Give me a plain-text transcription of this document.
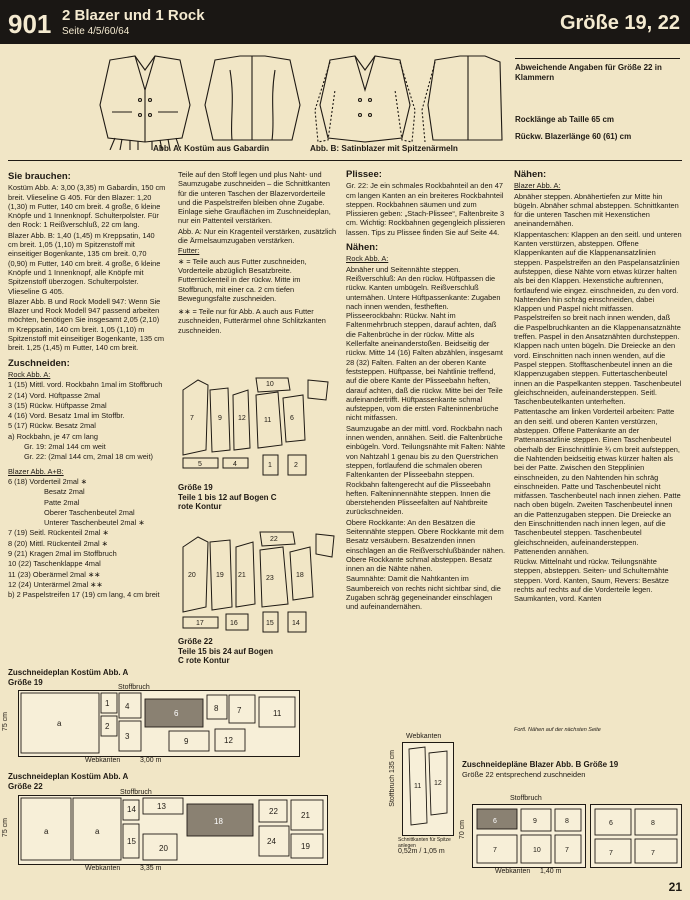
901 2 Blazer und 1 Rock
Seite 4/5/60/64	Größe 19, 22
Abb. A: Kostüm aus Gabardin	Abb. B: Satinblazer mit Spitzenärmeln
Abweichende Angaben für Größe 22 in Klammern
Rocklänge ab Taille 65 cm
Rückw. Blazerlänge 60 (61) cm
Sie brauchen:

Kostüm Abb. A: 3,00 (3,35) m Gabardin, 150 cm breit. Vlieseline G 405. Für den Blazer: 1,20 (1,30) m Futter, 140 cm breit. 4 große, 6 kleine Knöpfe und 1 Innenknopf. Schulterpolster. Für den Rock: 1 Reißverschluß, 22 cm lang.

Blazer Abb. B: 1,40 (1,45) m Kreppsatin, 140 cm breit. 1,05 (1,10) m Spitzenstoff mit einseitiger Bogenkante, 135 cm breit. 0,70 (0,90) m Futter, 140 cm breit. 4 große, 6 kleine Knöpfe und 1 Innenknopf, alle Knöpfe mit Spitzenstoff überzogen. Schulterpolster. Vlieseline G 405.

Blazer Abb. B und Rock Modell 947: Wenn Sie Blazer und Rock Modell 947 passend arbeiten möchten, benötigen Sie insgesamt 2,05 (2,10) m Kreppsatin, 140 cm breit. 1,05 (1,10) m Spitzenstoff mit einseitiger Bogenkante, 135 cm breit. 1,25 (1,45) m Futter, 140 cm breit.

Zuschneiden:

Rock Abb. A:

1 (15) Mittl. vord. Rockbahn 1mal im Stoffbruch

2 (14) Vord. Hüftpasse 2mal

3 (15) Rückw. Hüftpasse 2mal

4 (16) Vord. Besatz 1mal im Stoffbr.

5 (17) Rückw. Besatz 2mal

a) Rockbahn, je 47 cm lang

Gr. 19: 2mal 144 cm weit

Gr. 22: (2mal 144 cm, 2mal 18 cm weit)

Blazer Abb. A+B:

6 (18) Vorderteil 2mal ∗

Besatz 2mal

Patte 2mal

Oberer Taschenbeutel 2mal

Unterer Taschenbeutel 2mal ∗

7 (19) Seitl. Rückenteil 2mal ∗

8 (20) Mittl. Rückenteil 2mal ∗

9 (21) Kragen 2mal im Stoffbruch

10 (22) Taschenklappe 4mal

11 (23) Oberärmel 2mal ∗∗

12 (24) Unterärmel 2mal ∗∗

b) 2 Paspelstreifen 17 (19) cm lang, 4 cm breit

Teile auf den Stoff legen und plus Naht- und Saumzugabe zuschneiden – die Schnittkanten für die unteren Taschen der Blazervorderteile und die Paspelstreifen bleiben ohne Zugabe. Einlage siehe Grauflächen im Zuschneideplan, nur ein Pattenteil verstärken.

Abb. A: Nur ein Kragenteil verstärken, zusätzlich die Ärmelsaumzugaben verstärken.

Futter:

∗ = Teile auch aus Futter zuschneiden, Vorderteile abzüglich Besatzbreite. Futterrückenteil in der rückw. Mitte im Stoffbruch, mit einer ca. 2 cm tiefen Bewegungsfalte zuschneiden.

∗∗ = Teile nur für Abb. A auch aus Futter zuschneiden, Futterärmel ohne Schlitzkanten zuschneiden.

7	9 12
10
11	6
5	4	1	2
Größe 19
Teile 1 bis 12 auf Bogen C rote Kontur
20	19 21
22
23	18
17	16	15	14
Größe 22
Teile 15 bis 24 auf Bogen C rote Kontur
Plissee:

Gr. 22: Je ein schmales Rockbahnteil an den 47 cm langen Kanten an ein breiteres Rockbahnteil steppen. Rockbahnen säumen und zum Plissieren geben: „Stach-Plissee“, Faltenbreite 3 cm. Wichtig: Rockbahnen gegengleich plissieren lassen. Tips zu Plissee finden Sie auf Seite 44.

Nähen:

Rock Abb. A:

Abnäher und Seitennähte steppen. Reißverschluß: An den rückw. Hüftpassen die rückw. Kanten umbügeln. Reißverschluß unternähen. Untere Hüftpassenkante: Zugaben nach innen wenden, festheften. Plisseerockbahn: Rückw. Naht im Faltenmehrbruch steppen, darauf achten, daß die Faltenbrüche in der rückw. Mitte als Kellerfalte aneinanderstoßen. Beidseitig der rückw. Mitte 14 (16) Falten abzählen, insgesamt 28 (32) Falten. Falten an der oberen Kante feststeppen. Hüftpasse, bei Nahtlinie treffend, auf die obere Kante der Plisseebahn heften, darauf achten, daß die rückw. Mitte bei der Teile aufeinandertrifft. Hüftpassenkante schmal aufsteppen, vom die ersten Falteninnenbrüche nicht mitfassen.

Saumzugabe an der mittl. vord. Rockbahn nach innen wenden, annähen. Seitl. die Faltenbrüche einbügeln. Vord. Teilungsnähte mit Falten: Nähte von Nahtzahl 1 genau bis zu den Querstrichen steppen, fortlaufend die schmalen oberen Faltenkanten der Plisseebahn steppen. Rockbahn faltengerecht auf die Plisseebahn heften. Falteninnennähte steppen. Innen die überstehenden Plisseefalten auf Nahtbreite zurückschneiden.

Obere Rockkante: An den Besätzen die Seitennähte steppen. Obere Rockkante mit dem Besatz versäubern. Besatzenden innen einschlagen an die Reißverschlußbänder nähen. Obere Rockkante schmal absteppen. Besatz innen an die Nähte nähen.

Saumnähte: Damit die Nahtkanten im Saumbereich von rechts nicht sichtbar sind, die Zugaben schräg gegeneinander einschlagen und aufeinandernähen.

Nähen:

Blazer Abb. A:

Abnäher steppen. Abnähertiefen zur Mitte hin bügeln. Abnäher schmal absteppen. Schnittkanten für die unteren Taschen mit Hexenstichen aneinandernähen.

Klappentaschen: Klappen an den seitl. und unteren Kanten verstürzen, absteppen. Offene Klappenkanten auf die Klappenansatzlinien steppen. Paspelstreifen an den Paspelansatzlinien aufsteppen, diese Nähte vorn etwas kürzer halten als bei den Klappen. Hexenstiche auftrennen, fortlaufend wie eingez. einschneiden, zu den vord. Nahtenden hin schräg einschneiden, dabei Klappen und Paspel nicht mitfassen. Paspelstreifen so breit nach innen wenden, daß die Paspelbruchkanten an die Klappenansatznähte treffen. Paspel in den Ansatznähten durchsteppen. Klappen nach unten bügeln. Die Dreiecke an den vord. Einschnitten nach innen wenden, auf die Paspel steppen. Stofftaschenbeutel innen an die Klappenzugaben steppen. Futtertaschenbeutel innen an die Paspelkanten steppen. Taschenbeutel gleichschneiden, aufeinandersteppen. Seitl. Taschenbeutelkanten unterheften.

Pattentasche am linken Vorderteil arbeiten: Patte an den seitl. und oberen Kanten verstürzen, absteppen. Offene Pattenkante an der Pattenansatzlinie steppen. Einen Taschenbeutel oberhalb der Einschnittlinie ¾ cm breit aufsteppen, die Nahtenden beidseitig etwas kürzer halten als bei der Patte. Zwischen den Stepplinien einschneiden, zu den Nahtenden hin schräg einschneiden. Patte und Taschenbeutel nicht mitfassen. Taschenbeutel nach innen ziehen. Patte nach oben bügeln. Zweiten Taschenbeutel innen an die Pattenzugaben steppen. Die Dreiecke an den Einschnittenden nach innen legen, auf die Taschenbeutel steppen. Taschenbeutel gleichschneiden, aufeinandersteppen. Pattenenden annähen.

Rückw. Mittelnaht und rückw. Teilungsnähte steppen, absteppen. Seiten- und Schulternähte steppen. Vord. Kanten, Saum, Revers: Besätze rechts auf rechts auf die Vorderteile legen. Saumkanten, vord. Kanten

Fortl. Nähen auf der nächsten Seite
Zuschneideplan Kostüm Abb. A
Größe 19
a
1
2
4
3
6
8 7	11
9	12
Stoffbruch
75 cm
Webkanten	3,00 m
Zuschneideplan Kostüm Abb. A
Größe 22
a	a
14
15
13
20
18
22	21
24
19
Stoffbruch
75 cm
Webkanten	3,35 m
Webkanten
11 12
Stoffbruch 135 cm
Schnittkanten für Spitze anlegen
0,52m / 1,05 m
Zuschneidepläne Blazer Abb. B Größe 19
Größe 22 entsprechend zuschneiden
Stoffbruch
6	9	8
7	10	7
70 cm	6	8
7	7
Webkanten 1,40 m
21
